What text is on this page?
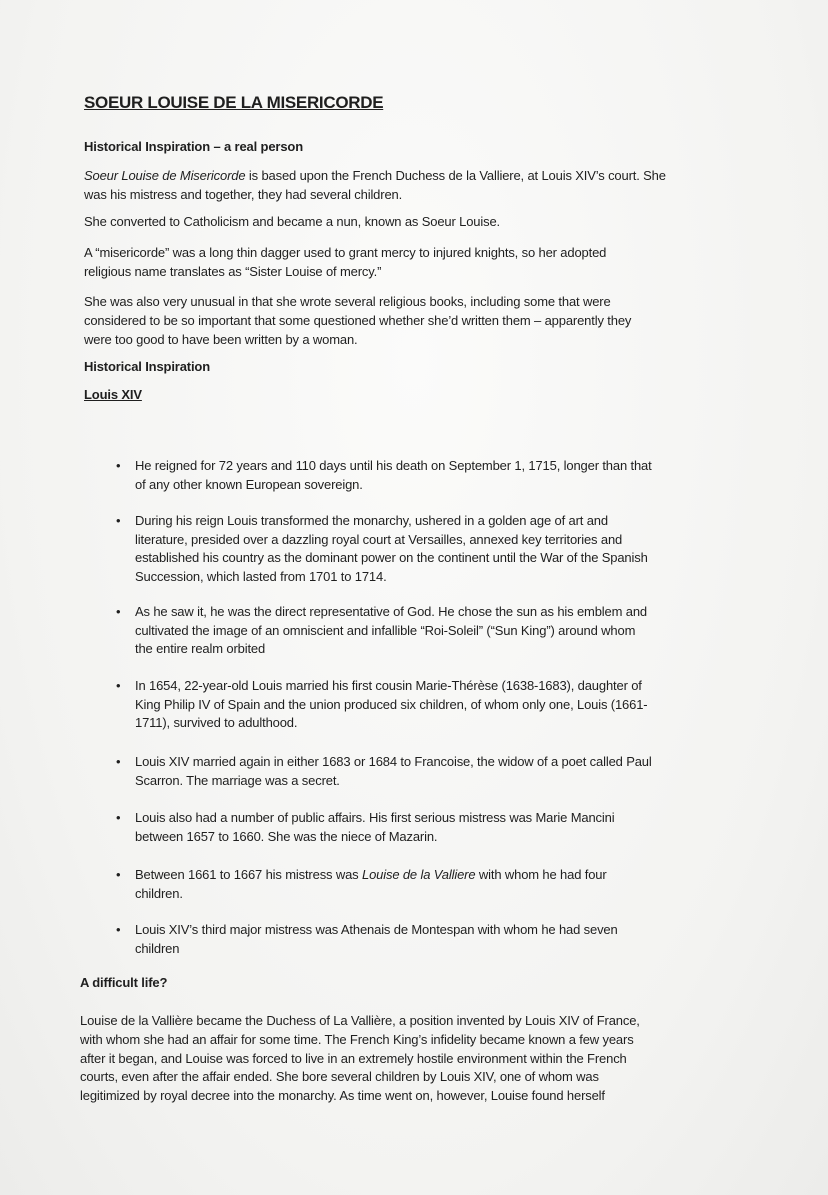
SOEUR LOUISE DE LA MISERICORDE
Historical Inspiration – a real person
Soeur Louise de Misericorde is based upon the French Duchess de la Valliere, at Louis XIV’s court. She
was his mistress and together, they had several children.
She converted to Catholicism and became a nun, known as Soeur Louise.
A “misericorde” was a long thin dagger used to grant mercy to injured knights, so her adopted
religious name translates as “Sister Louise of mercy.”
She was also very unusual in that she wrote several religious books, including some that were
considered to be so important that some questioned whether she’d written them – apparently they
were too good to have been written by a woman.
Historical Inspiration
Louis XIV
• He reigned for 72 years and 110 days until his death on September 1, 1715, longer than that
of any other known European sovereign.
• During his reign Louis transformed the monarchy, ushered in a golden age of art and
literature, presided over a dazzling royal court at Versailles, annexed key territories and
established his country as the dominant power on the continent until the War of the Spanish
Succession, which lasted from 1701 to 1714.
• As he saw it, he was the direct representative of God. He chose the sun as his emblem and
cultivated the image of an omniscient and infallible “Roi-Soleil” (“Sun King”) around whom
the entire realm orbited
• In 1654, 22-year-old Louis married his first cousin Marie-Thérèse (1638-1683), daughter of
King Philip IV of Spain and the union produced six children, of whom only one, Louis (1661-
1711), survived to adulthood.
• Louis XIV married again in either 1683 or 1684 to Francoise, the widow of a poet called Paul
Scarron. The marriage was a secret.
• Louis also had a number of public affairs. His first serious mistress was Marie Mancini
between 1657 to 1660. She was the niece of Mazarin.
• Between 1661 to 1667 his mistress was Louise de la Valliere with whom he had four
children.
• Louis XIV’s third major mistress was Athenais de Montespan with whom he had seven
children
A difficult life?
Louise de la Vallière became the Duchess of La Vallière, a position invented by Louis XIV of France,
with whom she had an affair for some time. The French King’s infidelity became known a few years
after it began, and Louise was forced to live in an extremely hostile environment within the French
courts, even after the affair ended. She bore several children by Louis XIV, one of whom was
legitimized by royal decree into the monarchy. As time went on, however, Louise found herself
